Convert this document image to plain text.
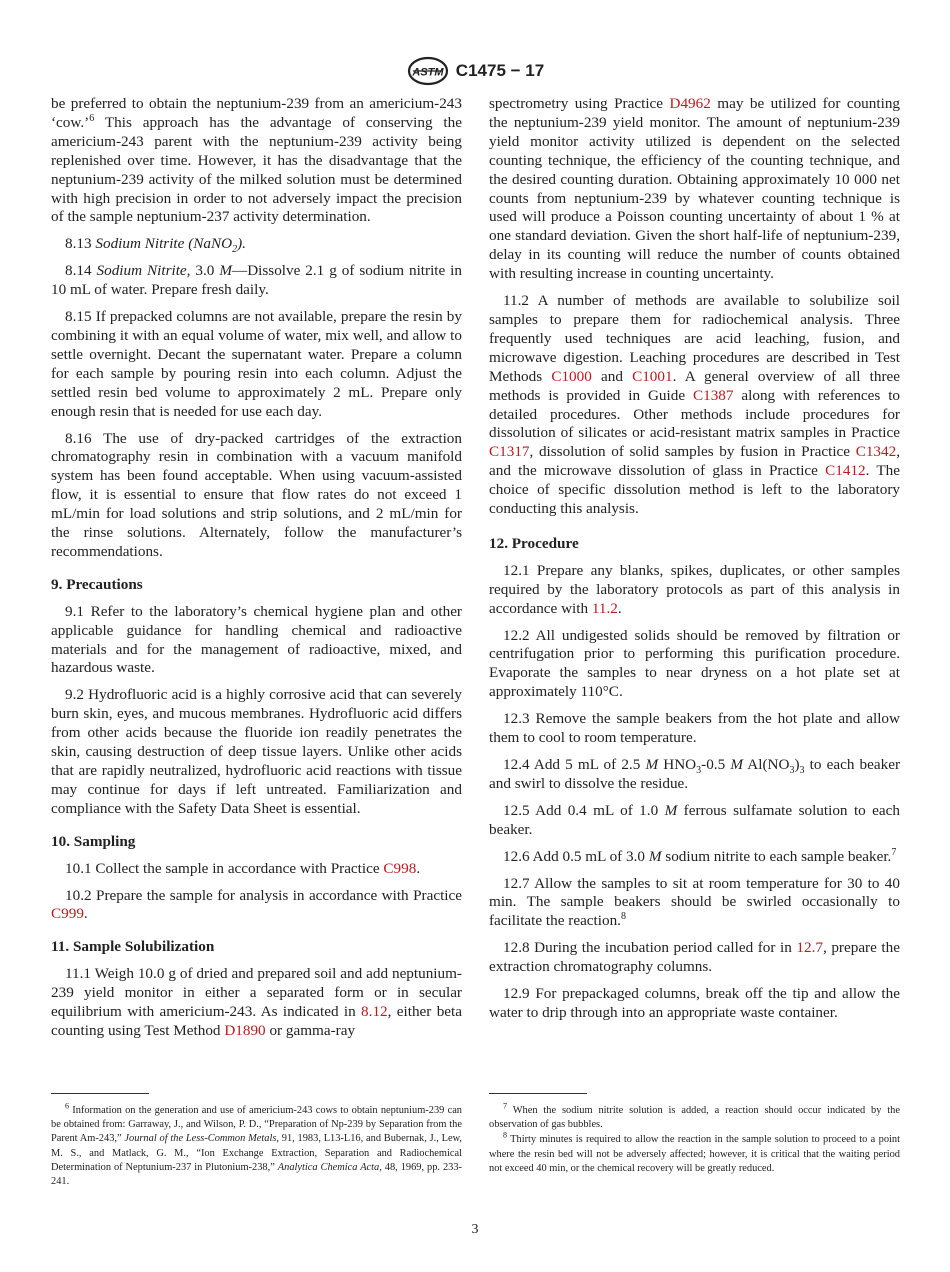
ASTM C1475 − 17

be preferred to obtain the neptunium-239 from an americium-243 ‘cow.’$^6$ This approach has the advantage of conserving the americium-243 parent with the neptunium-239 activity being replenished over time. However, it has the disadvantage that the neptunium-239 activity of the milked solution must be determined with high precision in order to not adversely impact the precision of the sample neptunium-237 activity determination.

8.13 Sodium Nitrite (NaNO$_2$).

8.14 Sodium Nitrite, 3.0 M—Dissolve 2.1 g of sodium nitrite in 10 mL of water. Prepare fresh daily.

8.15 If prepacked columns are not available, prepare the resin by combining it with an equal volume of water, mix well, and allow to settle overnight. Decant the supernatant water. Prepare a column for each sample by pouring resin into each column. Adjust the settled resin bed volume to approximately 2 mL. Prepare only enough resin that is needed for use each day.

8.16 The use of dry-packed cartridges of the extraction chromatography resin in combination with a vacuum manifold system has been found acceptable. When using vacuum-assisted flow, it is essential to ensure that flow rates do not exceed 1 mL/min for load solutions and strip solutions, and 2 mL/min for the rinse solutions. Alternately, follow the manufacturer’s recommendations.

9. Precautions

9.1 Refer to the laboratory’s chemical hygiene plan and other applicable guidance for handling chemical and radioactive materials and for the management of radioactive, mixed, and hazardous waste.

9.2 Hydrofluoric acid is a highly corrosive acid that can severely burn skin, eyes, and mucous membranes. Hydrofluoric acid differs from other acids because the fluoride ion readily penetrates the skin, causing destruction of deep tissue layers. Unlike other acids that are rapidly neutralized, hydrofluoric acid reactions with tissue may continue for days if left untreated. Familiarization and compliance with the Safety Data Sheet is essential.

10. Sampling

10.1 Collect the sample in accordance with Practice C998.

10.2 Prepare the sample for analysis in accordance with Practice C999.

11. Sample Solubilization

11.1 Weigh 10.0 g of dried and prepared soil and add neptunium-239 yield monitor in either a separated form or in secular equilibrium with americium-243. As indicated in 8.12, either beta counting using Test Method D1890 or gamma-ray

spectrometry using Practice D4962 may be utilized for counting the neptunium-239 yield monitor. The amount of neptunium-239 yield monitor activity utilized is dependent on the selected counting technique, the efficiency of the counting technique, and the desired counting duration. Obtaining approximately 10 000 net counts from neptunium-239 by whatever counting technique is used will produce a Poisson counting uncertainty of about 1 % at one standard deviation. Given the short half-life of neptunium-239, delay in its counting will reduce the number of counts obtained with resulting increase in counting uncertainty.

11.2 A number of methods are available to solubilize soil samples to prepare them for radiochemical analysis. Three frequently used techniques are acid leaching, fusion, and microwave digestion. Leaching procedures are described in Test Methods C1000 and C1001. A general overview of all three methods is provided in Guide C1387 along with references to detailed procedures. Other methods include procedures for dissolution of silicates or acid-resistant matrix samples in Practice C1317, dissolution of solid samples by fusion in Practice C1342, and the microwave dissolution of glass in Practice C1412. The choice of specific dissolution method is left to the laboratory conducting this analysis.

12. Procedure

12.1 Prepare any blanks, spikes, duplicates, or other samples required by the laboratory protocols as part of this analysis in accordance with 11.2.

12.2 All undigested solids should be removed by filtration or centrifugation prior to performing this purification procedure. Evaporate the samples to near dryness on a hot plate set at approximately 110°C.

12.3 Remove the sample beakers from the hot plate and allow them to cool to room temperature.

12.4 Add 5 mL of 2.5 M $HNO_3-0.5$ M $Al(NO_3)_3$ to each beaker and swirl to dissolve the residue.

12.5 Add 0.4 mL of 1.0 M ferrous sulfamate solution to each beaker.

12.6 Add 0.5 mL of 3.0 M sodium nitrite to each sample beaker.$^7$

12.7 Allow the samples to sit at room temperature for 30 to 40 min. The sample beakers should be swirled occasionally to facilitate the reaction.$^8$

12.8 During the incubation period called for in 12.7, prepare the extraction chromatography columns.

12.9 For prepackaged columns, break off the tip and allow the water to drip through into an appropriate waste container.

$^6$ Information on the generation and use of americium-243 cows to obtain neptunium-239 can be obtained from: Garraway, J., and Wilson, P. D., “Preparation of Np-239 by Separation from the Parent Am-243,” Journal of the Less-Common Metals, 91, 1983, L13-L16, and Bubernak, J., Lew, M. S., and Matlack, G. M., “Ion Exchange Extraction, Separation and Radiochemical Determination of Neptunium-237 in Plutonium-238,” Analytica Chemica Acta, 48, 1969, pp. 233-241.

$^7$ When the sodium nitrite solution is added, a reaction should occur indicated by the observation of gas bubbles.

$^8$ Thirty minutes is required to allow the reaction in the sample solution to proceed to a point where the resin bed will not be adversely affected; however, it is critical that the waiting period not exceed 40 min, or the chemical recovery will be greatly reduced.

3
